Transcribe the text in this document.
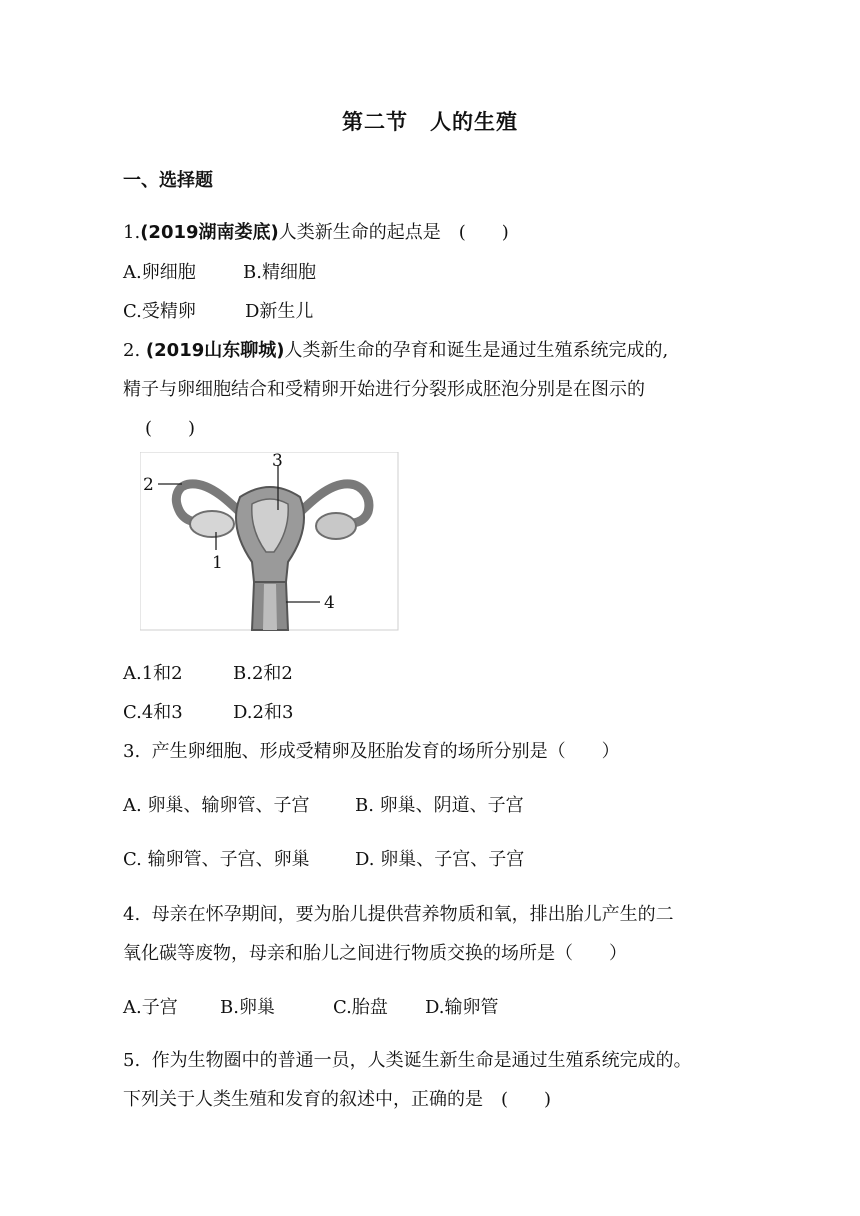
第二节　人的生殖
一、选择题
1.(2019湖南娄底)人类新生命的起点是　(　　)
A.卵细胞	B.精细胞
C.受精卵	D新生儿
2. (2019山东聊城)人类新生命的孕育和诞生是通过生殖系统完成的,
精子与卵细胞结合和受精卵开始进行分裂形成胚泡分别是在图示的
(　　)
1
2
3
4
A.1和2	B.2和2
C.4和3	D.2和3
3. 产生卵细胞、形成受精卵及胚胎发育的场所分别是（　　）
A. 卵巢、输卵管、子宫	B. 卵巢、阴道、子宫
C. 输卵管、子宫、卵巢	D. 卵巢、子宫、子宫
4. 母亲在怀孕期间，要为胎儿提供营养物质和氧，排出胎儿产生的二
氧化碳等废物，母亲和胎儿之间进行物质交换的场所是（　　）
A.子宫 B.卵巢	C.胎盘 D.输卵管
5. 作为生物圈中的普通一员，人类诞生新生命是通过生殖系统完成的。
下列关于人类生殖和发育的叙述中，正确的是　(　　)
